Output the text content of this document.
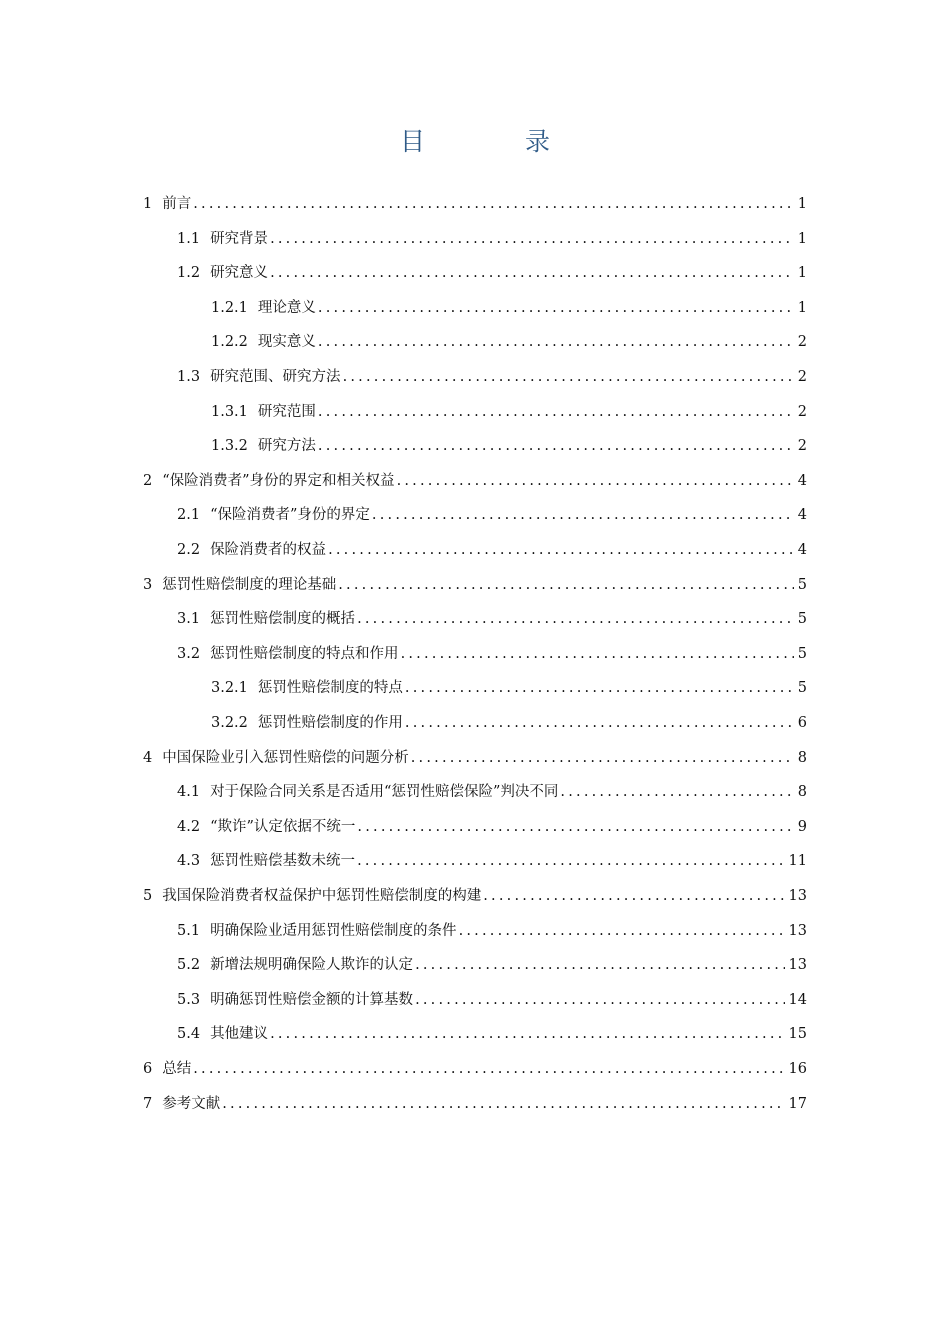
目 录
1 前言 .....	1
1.1 研究背景 .....	1
1.2 研究意义 .....	1
1.2.1 理论意义 .....	1
1.2.2 现实意义 .....	2
1.3 研究范围、研究方法 .....	2
1.3.1 研究范围 .....	2
1.3.2 研究方法 .....	2
2 “保险消费者”身份的界定和相关权益 .....	4
2.1 “保险消费者”身份的界定 .....	4
2.2 保险消费者的权益 .....	4
3 惩罚性赔偿制度的理论基础 .....	5
3.1 惩罚性赔偿制度的概括 .....	5
3.2 惩罚性赔偿制度的特点和作用 .....	5
3.2.1 惩罚性赔偿制度的特点 .....	5
3.2.2 惩罚性赔偿制度的作用 .....	6
4 中国保险业引入惩罚性赔偿的问题分析 .....	8
4.1 对于保险合同关系是否适用“惩罚性赔偿保险”判决不同 .....	8
4.2 “欺诈”认定依据不统一 .....	9
4.3 惩罚性赔偿基数未统一 .....	11
5 我国保险消费者权益保护中惩罚性赔偿制度的构建 .....	13
5.1 明确保险业适用惩罚性赔偿制度的条件 .....	13
5.2 新增法规明确保险人欺诈的认定 .....	13
5.3 明确惩罚性赔偿金额的计算基数 .....	14
5.4 其他建议 .....	15
6 总结 .....	16
7 参考文献 .....	17
